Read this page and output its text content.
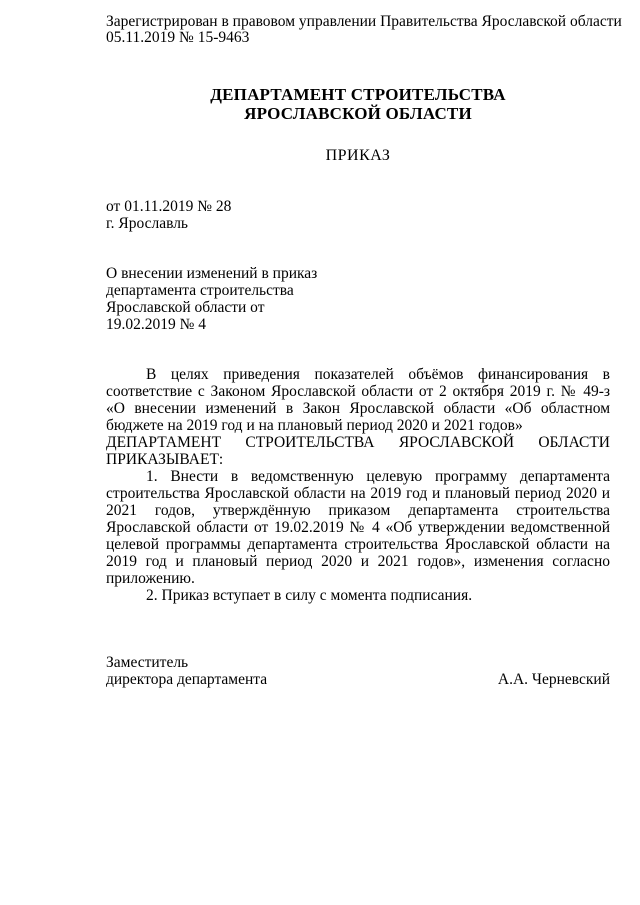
Зарегистрирован в правовом управлении Правительства Ярославской области
05.11.2019 № 15-9463
ДЕПАРТАМЕНТ СТРОИТЕЛЬСТВА
ЯРОСЛАВСКОЙ ОБЛАСТИ
ПРИКАЗ
от 01.11.2019 № 28
г. Ярославль
О внесении изменений в приказ
департамента строительства
Ярославской области от
19.02.2019 № 4

В целях приведения показателей объёмов финансирования в соответствие с Законом Ярославской области от 2 октября 2019 г. № 49-з «О внесении изменений в Закон Ярославской области «Об областном бюджете на 2019 год и на плановый период 2020 и 2021 годов»

ДЕПАРТАМЕНТ СТРОИТЕЛЬСТВА ЯРОСЛАВСКОЙ ОБЛАСТИ ПРИКАЗЫВАЕТ:

1. Внести в ведомственную целевую программу департамента строительства Ярославской области на 2019 год и плановый период 2020 и 2021 годов, утверждённую приказом департамента строительства Ярославской области от 19.02.2019 № 4 «Об утверждении ведомственной целевой программы департамента строительства Ярославской области на 2019 год и плановый период 2020 и 2021 годов», изменения согласно приложению.

2. Приказ вступает в силу с момента подписания.

Заместитель
директора департамента	А.А. Черневский
